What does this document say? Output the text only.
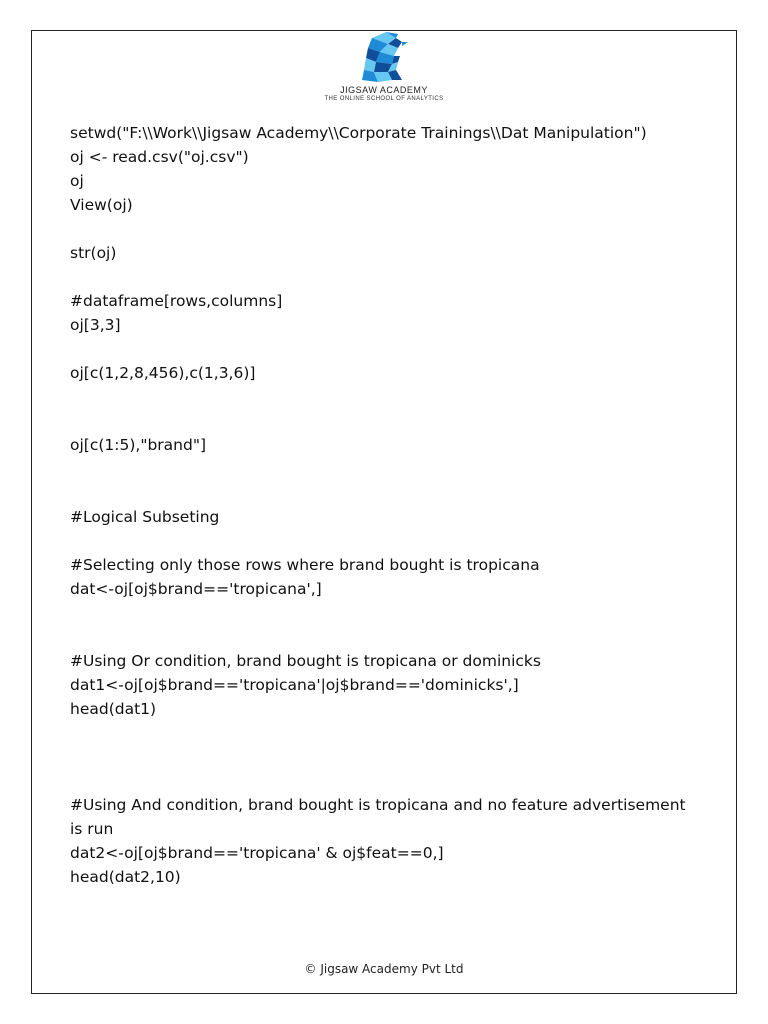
JIGSAW ACADEMY
THE ONLINE SCHOOL OF ANALYTICS
setwd("F:\\Work\\Jigsaw Academy\\Corporate Trainings\\Dat Manipulation")
oj <- read.csv("oj.csv")
oj
View(oj)
str(oj)
#dataframe[rows,columns]
oj[3,3]
oj[c(1,2,8,456),c(1,3,6)]
oj[c(1:5),"brand"]
#Logical Subseting
#Selecting only those rows where brand bought is tropicana
dat<-oj[oj$brand=='tropicana',]
#Using Or condition, brand bought is tropicana or dominicks
dat1<-oj[oj$brand=='tropicana'|oj$brand=='dominicks',]
head(dat1)
#Using And condition, brand bought is tropicana and no feature advertisement
is run
dat2<-oj[oj$brand=='tropicana' & oj$feat==0,]
head(dat2,10)
© Jigsaw Academy Pvt Ltd
